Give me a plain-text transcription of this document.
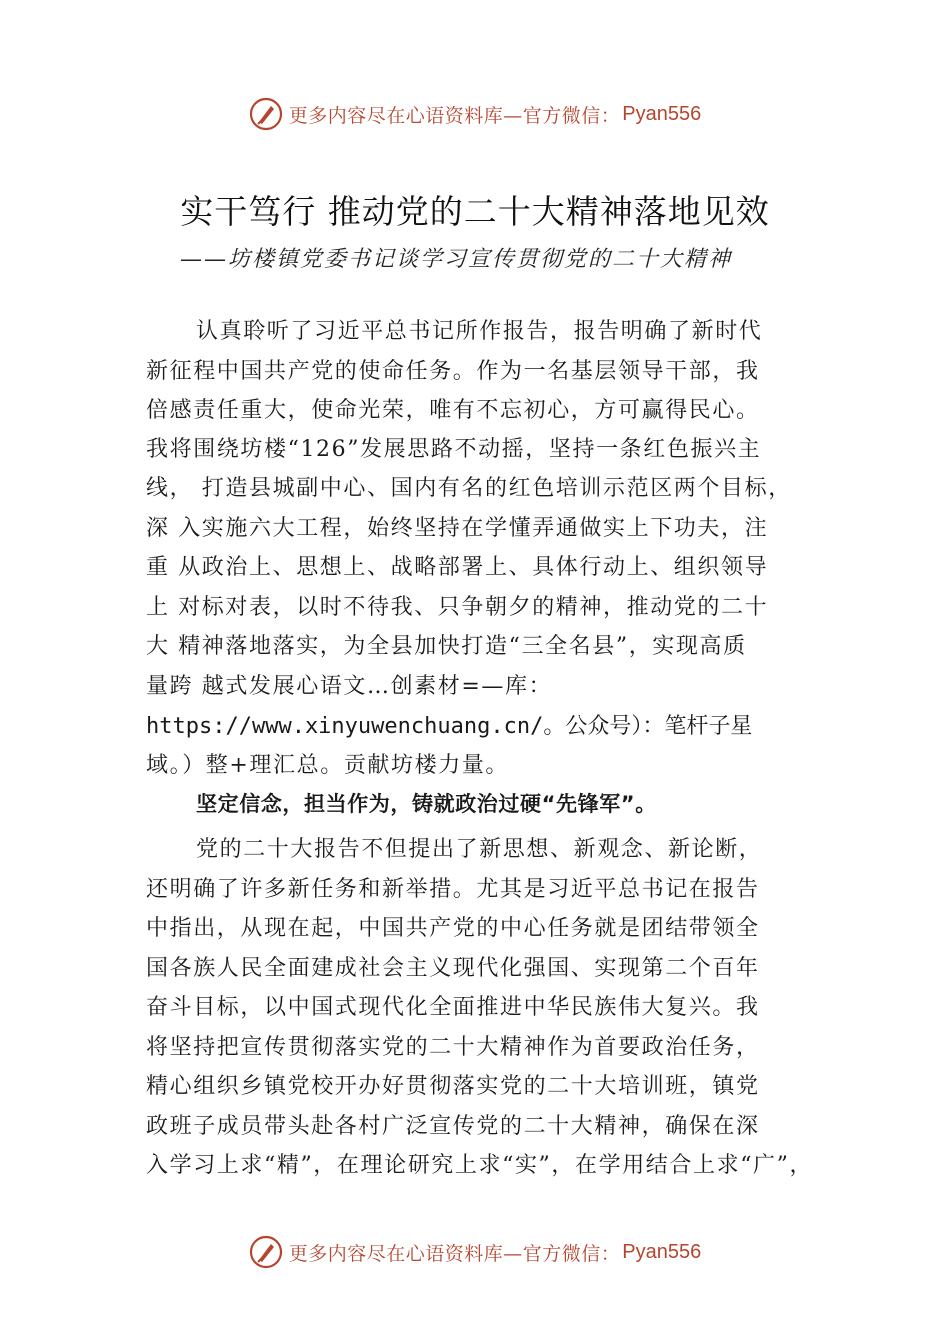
更多内容尽在心语资料库—官方微信： Pyan556
实干笃行 推动党的二十大精神落地见效
——坊楼镇党委书记谈学习宣传贯彻党的二十大精神
认真聆听了习近平总书记所作报告，报告明确了新时代
新征程中国共产党的使命任务。作为一名基层领导干部，我
倍感责任重大，使命光荣，唯有不忘初心，方可赢得民心。
我将围绕坊楼“126”发展思路不动摇，坚持一条红色振兴主
线， 打造县城副中心、国内有名的红色培训示范区两个目标，
深 入实施六大工程，始终坚持在学懂弄通做实上下功夫，注
重 从政治上、思想上、战略部署上、具体行动上、组织领导
上 对标对表，以时不待我、只争朝夕的精神，推动党的二十
大 精神落地落实，为全县加快打造“三全名县”，实现高质
量跨 越式发展心语文…创素材=—库：
https://www.xinyuwenchuang.cn/。公众号）：笔杆子星
域。）整+理汇总。贡献坊楼力量。
坚定信念，担当作为，铸就政治过硬“先锋军”。
党的二十大报告不但提出了新思想、新观念、新论断，
还明确了许多新任务和新举措。尤其是习近平总书记在报告
中指出，从现在起，中国共产党的中心任务就是团结带领全
国各族人民全面建成社会主义现代化强国、实现第二个百年
奋斗目标，以中国式现代化全面推进中华民族伟大复兴。我
将坚持把宣传贯彻落实党的二十大精神作为首要政治任务，
精心组织乡镇党校开办好贯彻落实党的二十大培训班，镇党
政班子成员带头赴各村广泛宣传党的二十大精神，确保在深
入学习上求“精”，在理论研究上求“实”，在学用结合上求“广”，
更多内容尽在心语资料库—官方微信： Pyan556
